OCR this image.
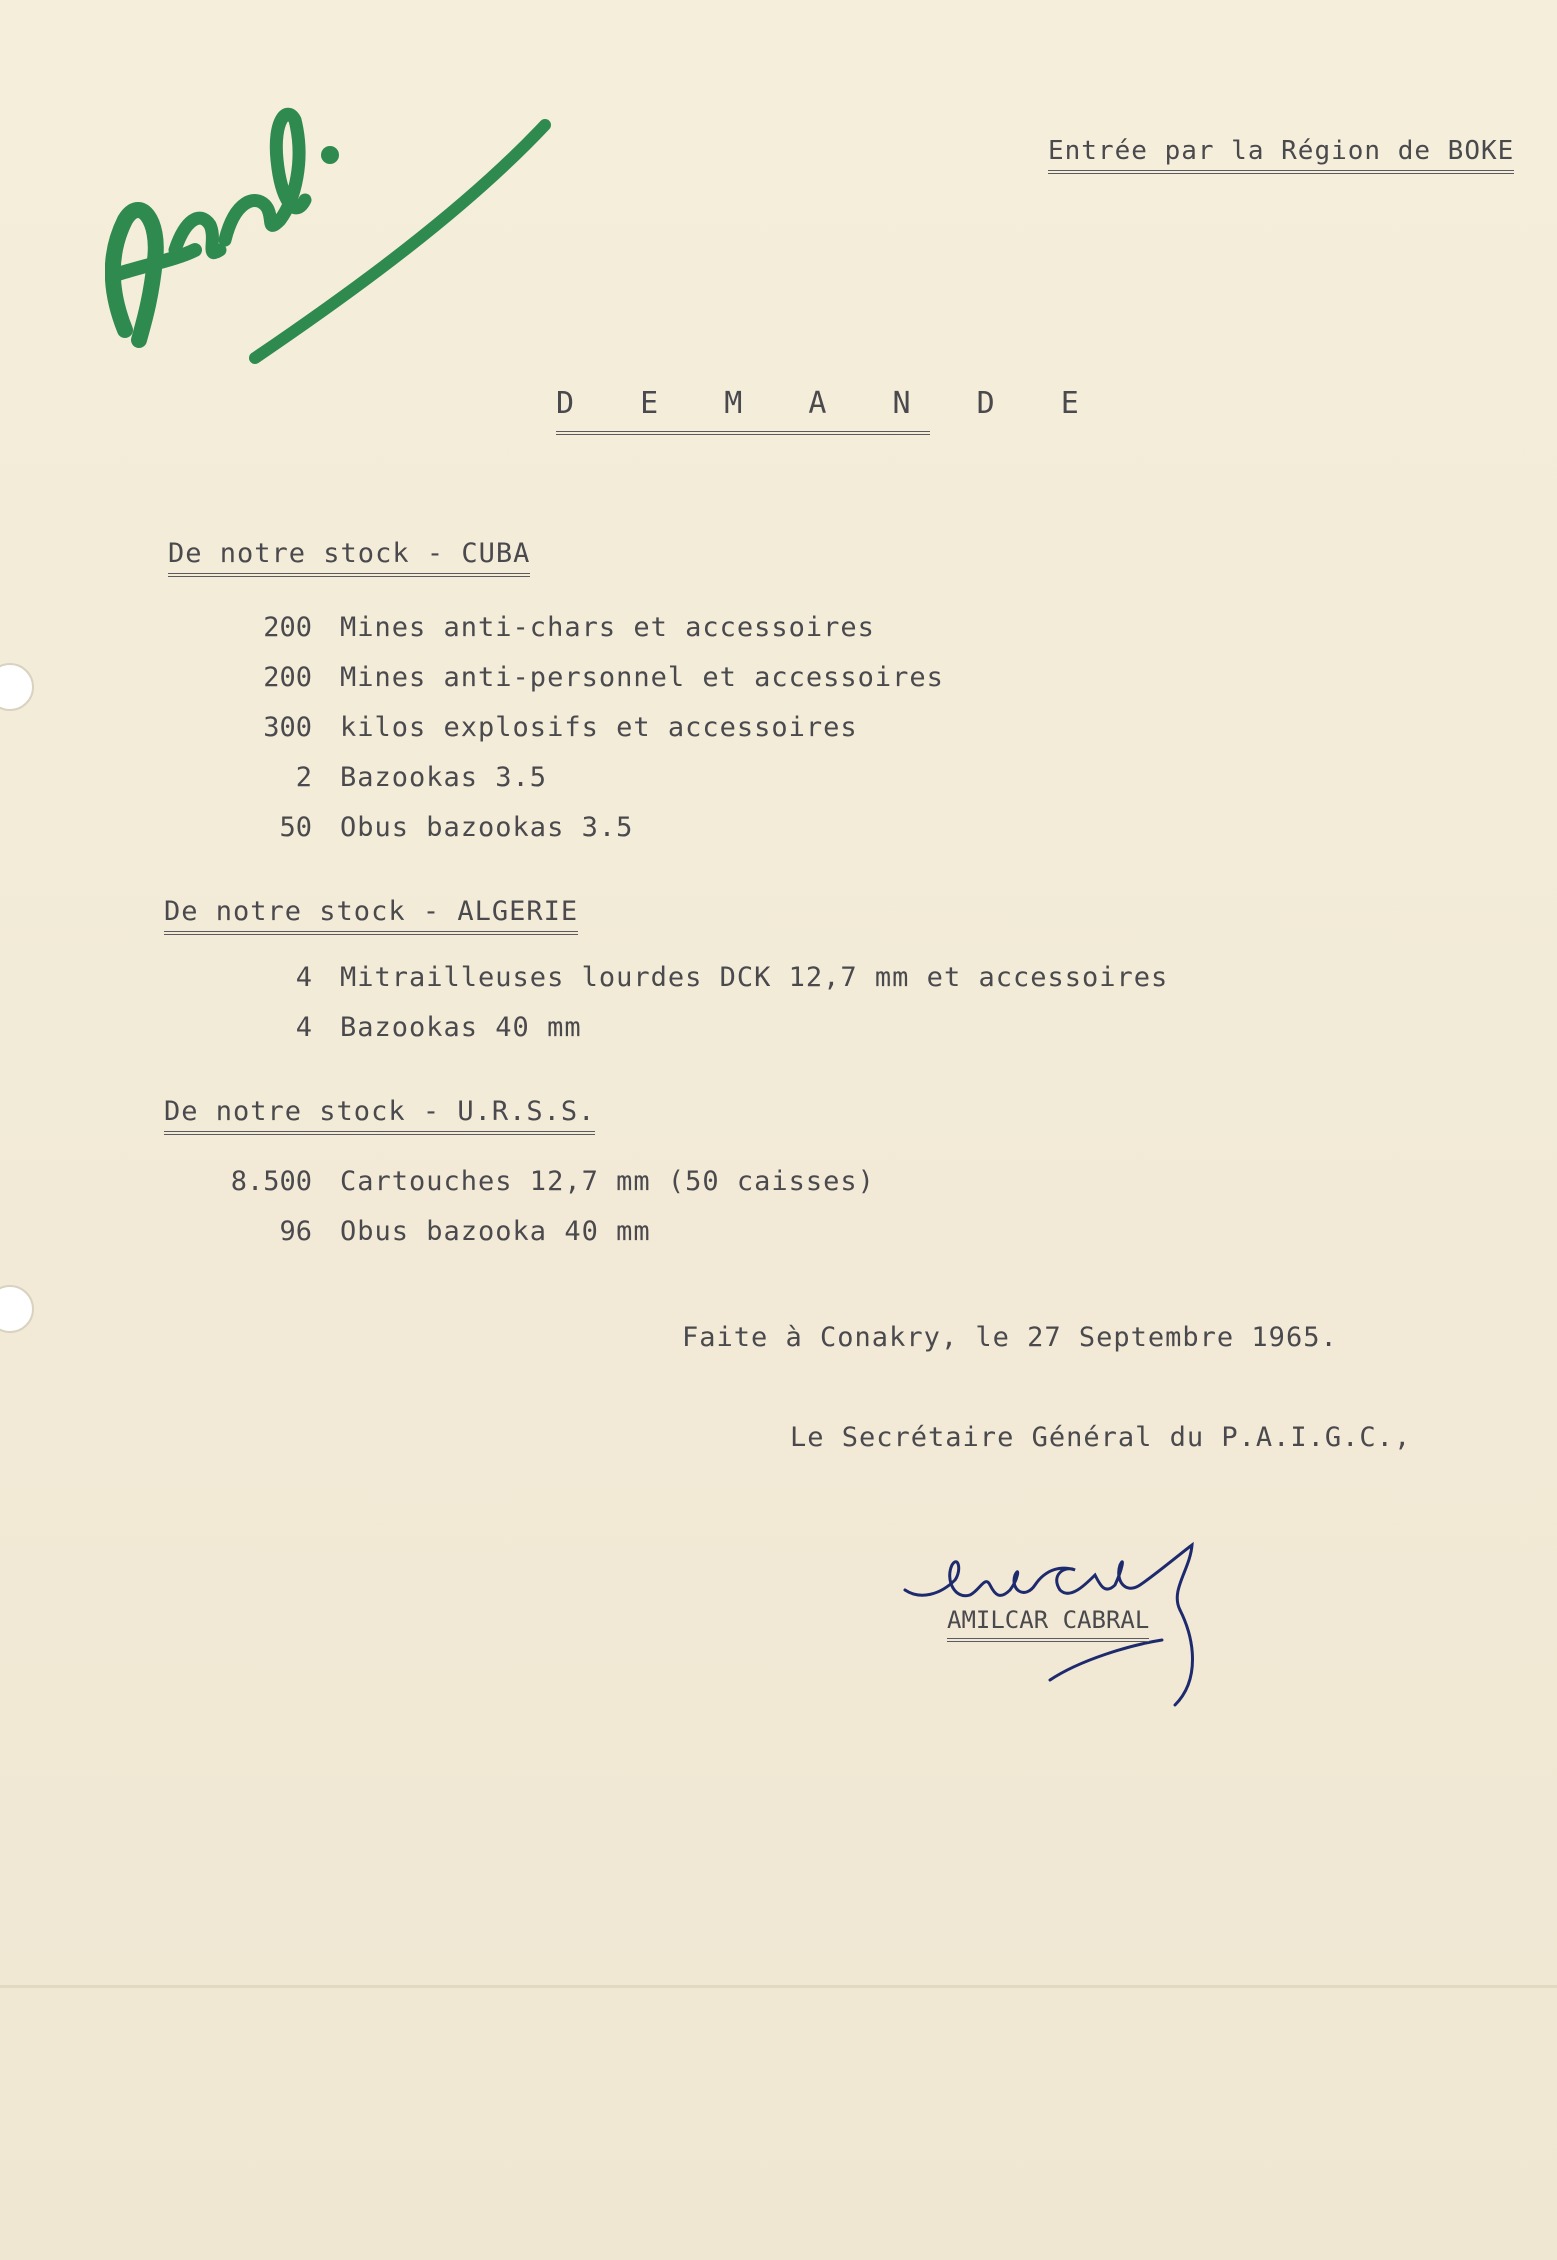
Entrée par la Région de BOKE
D E M A N D E
De notre stock - CUBA
200 Mines anti-chars et accessoires
200 Mines anti-personnel et accessoires
300 kilos explosifs et accessoires
2 Bazookas 3.5
50 Obus bazookas 3.5
De notre stock - ALGERIE
4 Mitrailleuses lourdes DCK 12,7 mm et accessoires
4 Bazookas 40 mm
De notre stock - U.R.S.S.
8.500 Cartouches 12,7 mm (50 caisses)
96 Obus bazooka 40 mm
Faite à Conakry, le 27 Septembre 1965.
Le Secrétaire Général du P.A.I.G.C.,
AMILCAR CABRAL
